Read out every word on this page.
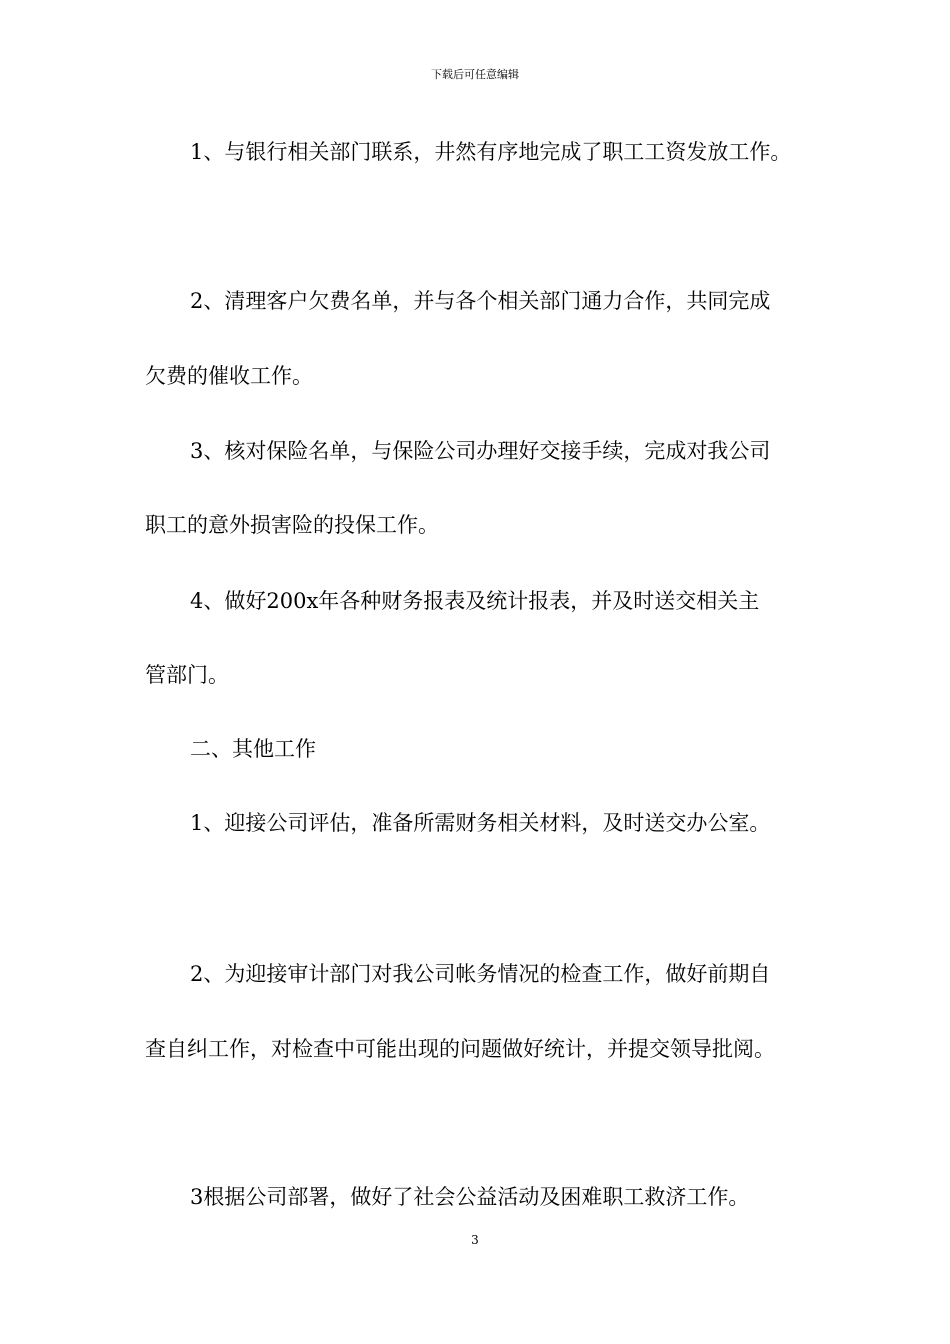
下载后可任意编辑
1、与银行相关部门联系，井然有序地完成了职工工资发放工作。
2、清理客户欠费名单，并与各个相关部门通力合作，共同完成
欠费的催收工作。
3、核对保险名单，与保险公司办理好交接手续，完成对我公司
职工的意外损害险的投保工作。
4、做好200x年各种财务报表及统计报表，并及时送交相关主
管部门。
二、其他工作
1、迎接公司评估，准备所需财务相关材料，及时送交办公室。
2、为迎接审计部门对我公司帐务情况的检查工作，做好前期自
查自纠工作，对检查中可能出现的问题做好统计，并提交领导批阅。
3根据公司部署，做好了社会公益活动及困难职工救济工作。
3
